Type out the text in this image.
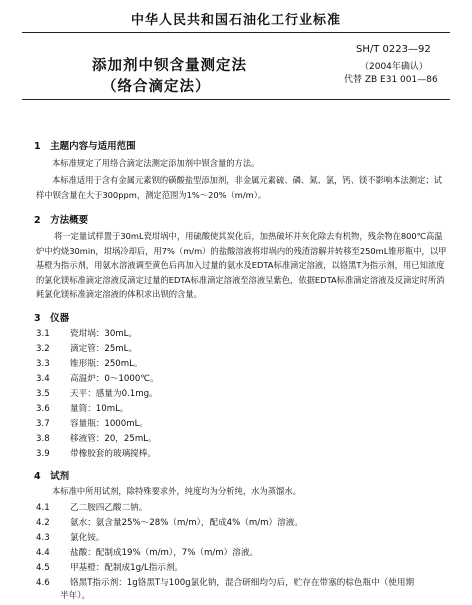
中华人民共和国石油化工行业标准
添加剂中钡含量测定法
（络合滴定法）
SH/T 0223—92
（2004年确认）
代替 ZB E31 001—86
1　主题内容与适用范围
本标准规定了用络合滴定法测定添加剂中钡含量的方法。
本标准适用于含有金属元素钡的磺酸盐型添加剂，非金属元素硫、磷、氮、氯，钙、镁不影响本法测定；试样中钡含量在大于300ppm，测定范围为1%～20%（m/m）。
2　方法概要
将一定量试样置于30mL瓷坩埚中，用硫酸使其炭化后，加热破坏并灰化除去有机物，残余物在800℃高温炉中灼烧30min，坩埚冷却后，用7%（m/m）的盐酸溶液将坩埚内的残渣溶解并转移至250mL锥形瓶中，以甲基橙为指示剂，用氨水溶液调至黄色后再加入过量的氨水及EDTA标准滴定溶液，以铬黑T为指示剂，用已知浓度的氯化镁标准滴定溶液反滴定过量的EDTA标准滴定溶液至溶液呈紫色，依据EDTA标准滴定溶液及反滴定时所消耗氯化镁标准滴定溶液的体积求出钡的含量。
3　仪器
3.1 瓷坩埚：30mL。
3.2 滴定管：25mL。
3.3 锥形瓶：250mL。
3.4 高温炉：0～1000℃。
3.5 天平：感量为0.1mg。
3.6 量筒：10mL。
3.7 容量瓶：1000mL。
3.8 移液管：20，25mL。
3.9 带橡胶套的玻璃搅棒。
4　试剂
本标准中所用试剂，除特殊要求外，纯度均为分析纯，水为蒸馏水。
4.1 乙二胺四乙酸二钠。
4.2 氨水：氨含量25%～28%（m/m），配成4%（m/m）溶液。
4.3 氯化铵。
4.4 盐酸：配制成19%（m/m），7%（m/m）溶液。
4.5 甲基橙：配制成1g/L指示剂。
4.6 铬黑T指示剂：1g铬黑T与100g氯化钠，混合研细均匀后，贮存在带塞的棕色瓶中（使用期
半年）。
